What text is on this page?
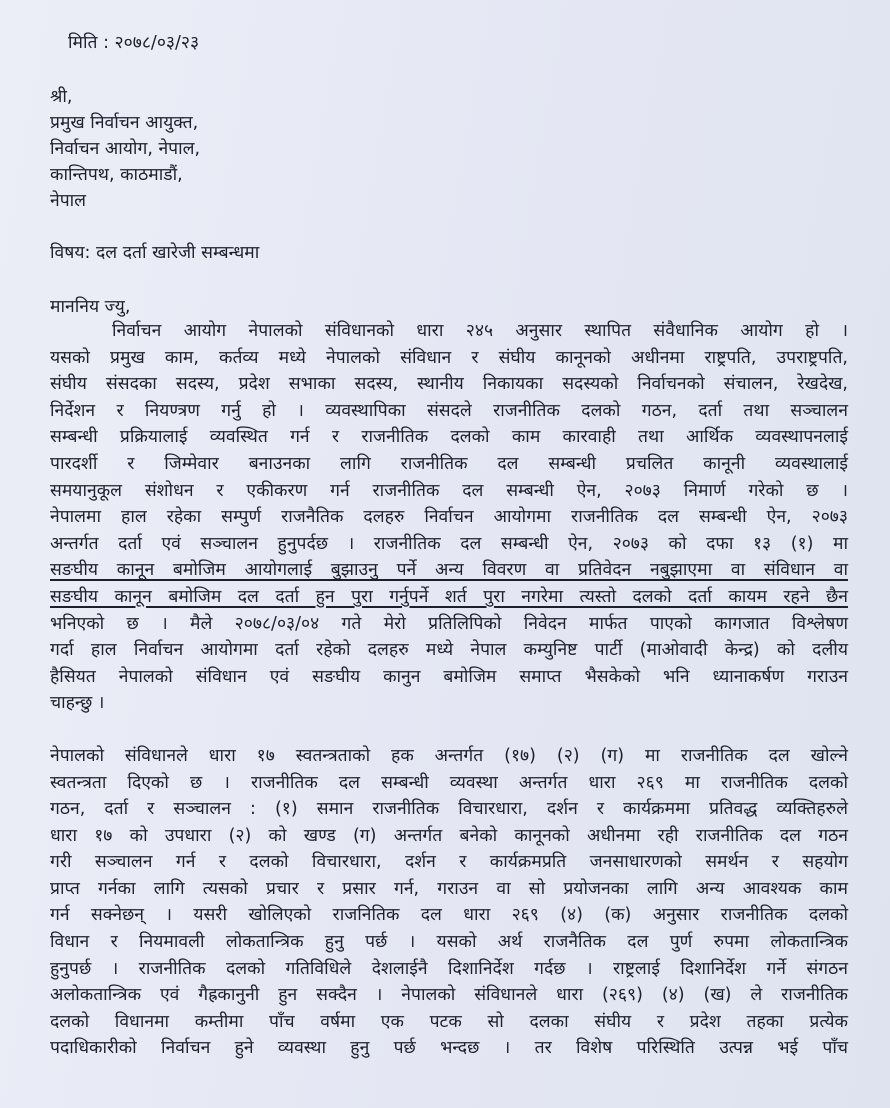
मिति : २०७८/०३/२३
श्री,
प्रमुख निर्वाचन आयुक्त,
निर्वाचन आयोग, नेपाल,
कान्तिपथ, काठमाडौं,
नेपाल
विषय: दल दर्ता खारेजी सम्बन्धमा
माननिय ज्यु,
निर्वाचन आयोग नेपालको संविधानको धारा २४५ अनुसार स्थापित संवैधानिक आयोग हो ।
यसको प्रमुख काम, कर्तव्य मध्ये नेपालको संविधान र संघीय कानूनको अधीनमा राष्ट्रपति, उपराष्ट्रपति,
संघीय संसदका सदस्य, प्रदेश सभाका सदस्य, स्थानीय निकायका सदस्यको निर्वाचनको संचालन, रेखदेख,
निर्देशन र नियण्त्रण गर्नु हो । व्यवस्थापिका संसदले राजनीतिक दलको गठन, दर्ता तथा सञ्चालन
सम्बन्धी प्रक्रियालाई व्यवस्थित गर्न र राजनीतिक दलको काम कारवाही तथा आर्थिक व्यवस्थापनलाई
पारदर्शी र जिम्मेवार बनाउनका लागि राजनीतिक दल सम्बन्धी प्रचलित कानूनी व्यवस्थालाई
समयानुकूल संशोधन र एकीकरण गर्न राजनीतिक दल सम्बन्धी ऐन, २०७३ निमार्ण गरेको छ ।
नेपालमा हाल रहेका सम्पुर्ण राजनैतिक दलहरु निर्वाचन आयोगमा राजनीतिक दल सम्बन्धी ऐन, २०७३
अन्तर्गत दर्ता एवं सञ्चालन हुनुपर्दछ । राजनीतिक दल सम्बन्धी ऐन, २०७३ को दफा १३ (१) मा
सङघीय कानून बमोजिम आयोगलाई बुझाउनु पर्ने अन्य विवरण वा प्रतिवेदन नबुझाएमा वा संविधान वा
सङघीय कानून बमोजिम दल दर्ता हुन पुरा गर्नुपर्ने शर्त पुरा नगरेमा त्यस्तो दलको दर्ता कायम रहने छैन
भनिएको छ । मैले २०७८/०३/०४ गते मेरो प्रतिलिपिको निवेदन मार्फत पाएको कागजात विश्लेषण
गर्दा हाल निर्वाचन आयोगमा दर्ता रहेको दलहरु मध्ये नेपाल कम्युनिष्ट पार्टी (माओवादी केन्द्र) को दलीय
हैसियत नेपालको संविधान एवं सङघीय कानुन बमोजिम समाप्त भैसकेको भनि ध्यानाकर्षण गराउन
चाहन्छु ।
नेपालको संविधानले धारा १७ स्वतन्त्रताको हक अन्तर्गत (१७) (२) (ग) मा राजनीतिक दल खोल्ने
स्वतन्त्रता दिएको छ । राजनीतिक दल सम्बन्धी व्यवस्था अन्तर्गत धारा २६९ मा राजनीतिक दलको
गठन, दर्ता र सञ्चालन : (१) समान राजनीतिक विचारधारा, दर्शन र कार्यक्रममा प्रतिवद्ध व्यक्तिहरुले
धारा १७ को उपधारा (२) को खण्ड (ग) अन्तर्गत बनेको कानूनको अधीनमा रही राजनीतिक दल गठन
गरी सञ्चालन गर्न र दलको विचारधारा, दर्शन र कार्यक्रमप्रति जनसाधारणको समर्थन र सहयोग
प्राप्त गर्नका लागि त्यसको प्रचार र प्रसार गर्न, गराउन वा सो प्रयोजनका लागि अन्य आवश्यक काम
गर्न सक्नेछन् । यसरी खोलिएको राजनितिक दल धारा २६९ (४) (क) अनुसार राजनीतिक दलको
विधान र नियमावली लोकतान्त्रिक हुनु पर्छ । यसको अर्थ राजनैतिक दल पुर्ण रुपमा लोकतान्त्रिक
हुनुपर्छ । राजनीतिक दलको गतिविधिले देशलाईनै दिशानिर्देश गर्दछ । राष्ट्रलाई दिशानिर्देश गर्ने संगठन
अलोकतान्त्रिक एवं गैह्रकानुनी हुन सक्दैन । नेपालको संविधानले धारा (२६९) (४) (ख) ले राजनीतिक
दलको विधानमा कम्तीमा पाँच वर्षमा एक पटक सो दलका संघीय र प्रदेश तहका प्रत्येक
पदाधिकारीको निर्वाचन हुने व्यवस्था हुनु पर्छ भन्दछ । तर विशेष परिस्थिति उत्पन्न भई पाँच
